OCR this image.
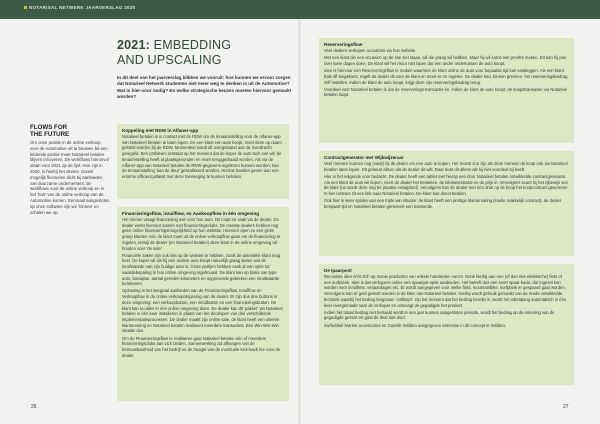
NOTARISAL NETWERK JAARVERSLAG 2020
2021: EMBEDDING
AND UPSCALING
In dit deel van het jaarverslag blikken we vooruit: hoe kunnen we ervoor zorgen dat Notarieel Netwerk studenten niet meer weg te denken is uit de Automotive? Wat is hier-voor nodig? En welke strategische keuzes moeten hiervoor gemaakt worden?
FLOWS FOR
THE FUTURE
Om onze positie in de online verkoop voor de Automotive uit te bouwen bit een leidende positie moet Notarieel betalen blijven innoveren. De workflows hieronvol staan voor 2021 op de lijst. Hoe zijn in 2020, is hierbij het devies: zoveel mogelijk flexmelen dicht bij aanbieden van duurzame ondernemers: de workflows voor de online verkoop en in het 'hart' van de online verkoop van de Automotive komen. Eenmaal aangesloten op onze software zijn we 'binnen' en schalen we op.
Koppeling met RDW in Alfaner-app
Notarieel betalen is in contact met de RDW om de tenaamstelling voor de Alfaner-app van Notarieel betalen te laten lopen. En een klant een auto koopt, moet deze op naam gesteld worden bij de RDW. Momenteel wordt dit overgelaand aan de overdracht geregeld. Een probleem ontstaat op het moment dat de koper de auto toch niet wil: de tenaamstelling heeft al plaatsgevonden en moet teruggedraaid worden. Als via de Alfaner-app van Notarieel betalen de RDW-gegevens ingelezen kunnen worden, kan de tenaamstelling 'aan de deur' gerealiseerd worden. Hiertoe banden geven aan een enorme efficiencyslasst met deze toevoeging te kunnen behalen.
Financieringsflow, inruilflow, en Aankoopflow in één omgeving

Het menen vraagt financiering aan voor hun auto. Dit loopt nu vaak via de dealer. De dealer werkt hiervoor samen met financieringsclubs. De meeste dealers hebben nog geen online financieringsmogelijkheid op hun website. Hiervoor open ze een grote groep klanten mis; de klant moet uit de online verkoopflow gaan om de financiering te regelen, terwijl de dealer (en Notarieel betalen) deze klant in de online omgeving wil houden voor 'de sale'.

Financiële zaken zijn ook niet op de website te hebben, zoals de potentiële klant mag heel. De koper wil als hij een andere auto koopt natuurlijk graag weten wat de inruilwaarde van zijn huidige auto is. Grote partijen hebben vaak al een optie tot waardebepaling in hun online omgeving ingebouwd. De klant kan op basis van type auto, bouwjaar, aantal gereden kilometers en opgevoerde gebreken een inruilwaarde berekenen.

Oplossing is het integraal aanbieden van de Financieringsflow, Inruilflow en Verkoopflow in de online verkoopomgeving van de dealer. Er zijn dus drie buttons in deze omgeving: een verkoopbutton, een inruilbutton en een financieringsbutton. De klant kan nu alles in één online omgeving doen. De dealer kan dit 'pakket' via Notarieel betalen in één keer installeren in plaats van het doorlopen van drie verschillende implementatieprocessen. De dealer maakt zijn online sale, de klant heeft een ultieme klantervaring en Notarieel betalen realiseert meerdere transacties. Een Win-Win-Win situatie dus.

Om de Financieringsflow te realiseren gaat Notarieel betalen één of meerdere financieringsclubs aan zich binden. Samenwerking zal afhangen van de betrouwbaarheid van het bedrijf en de hoogte van de eventuele kick-back fee voor de dealer.

Reserveringsflow

Veel dealers verkopen occasions via hun website.

Met een klant die een occasion op de site ziet staan, wil die graag wil hebben. Maar hij wil soms niet proefrit maken. Dit kan hij pas over twee dagen doen. De klant wil het risico niet lopen dat een ander ondertussen de auto koopt.

Idee is hiervoor een Reserveringsflow te maken waarmee de klant online de auto voor bepaalde tijd kan vastleggen. Als een klant bals off langskomt, regelt de dealer dit voor de klant en moet ze zo regelen. De dealer kan, binnen grenzen, het reserveringsbedrag zelf instellen. Indien de klant de auto koopt, krijgt deze zijn reserveringsbedrag terug.

Voordeel voor Notarieel betalen is dat de reserverings-transactie én, indien de klant de auto koopt, de koopstransactie via Notarieel betalen loopt.

Contractgenerator met Wijkwijzeraar

Veel mensen kunnen nog (vaak) bij de dealer om een auto te kopen. Het moest zou zijn als deze mensen de koop ook via Notarieel betalen laten lopen. Dit gebeurt alleen als de dealer dit wilt. Daar doet dit alleen als hij hier voordeel bij heeft.

Hier is het volgende voor bedacht. De dealer heeft een tablet met hierop een door Notarieel betalen ontwikkelde contractgenerator. Als een klant de auto wil kopen, voert de dealer het kenteken, de kilometerstand en de prijs in. Vervolgens scant hij het rijbewijs van de klant (na wordt deze nog ter plaatse verwijderd). Vervolgens kan de dealer met één druk op de knop het koopcontract genereren. In het contract zit een link naar Notarieel betalen. De klant kan direct betalen.

Ook hier is weer sprake van een triple win situatie: de klant heeft een prettige klantervaring (snelle makkelijk contract), de dealer bespaart tijd en Notarieel betalen genereert een transactie.

De Ipaarpost

Recentste idee richt zich op mooie producten van enkele honderden euro's. Denk hierbij aan een (of dan niet elektrische) fiets of een surfplank. Idee is dat verkopers online een spaarpot-optie aanbieden. Het betreft dus een soort spaar-kado, dat ingezet kan worden voor inruilfiets, verjaardagen etc. Er wordt aangegeven voor welke fiets, mountainbike, surfplank er gespaard gaat worden. Vervolgens kan er geld gestort worden in de klein van Notarieel betalen. Hierbij wordt gebruik gemaakt van de reeds ontwikkelde techniek waarbij het bedrag langzaam 'vollloopt'. Op het moment dat het bedrag bereikt is, wordt het inbetalung automatisch in één keer overgemaakt naar de verkoper en ontvangt de gegadigde het product.

Indien het totaal bedrag niet behaald wordt in een jaar kunnen aangesloten periode, wordt het bedrag op de rekening van de gegadigde gestort en gaat de deal niet door.

Surfwinkel Marine accessoires en Gazelle hebben aangegeven interesse in dit concept te hebben.

26	27
